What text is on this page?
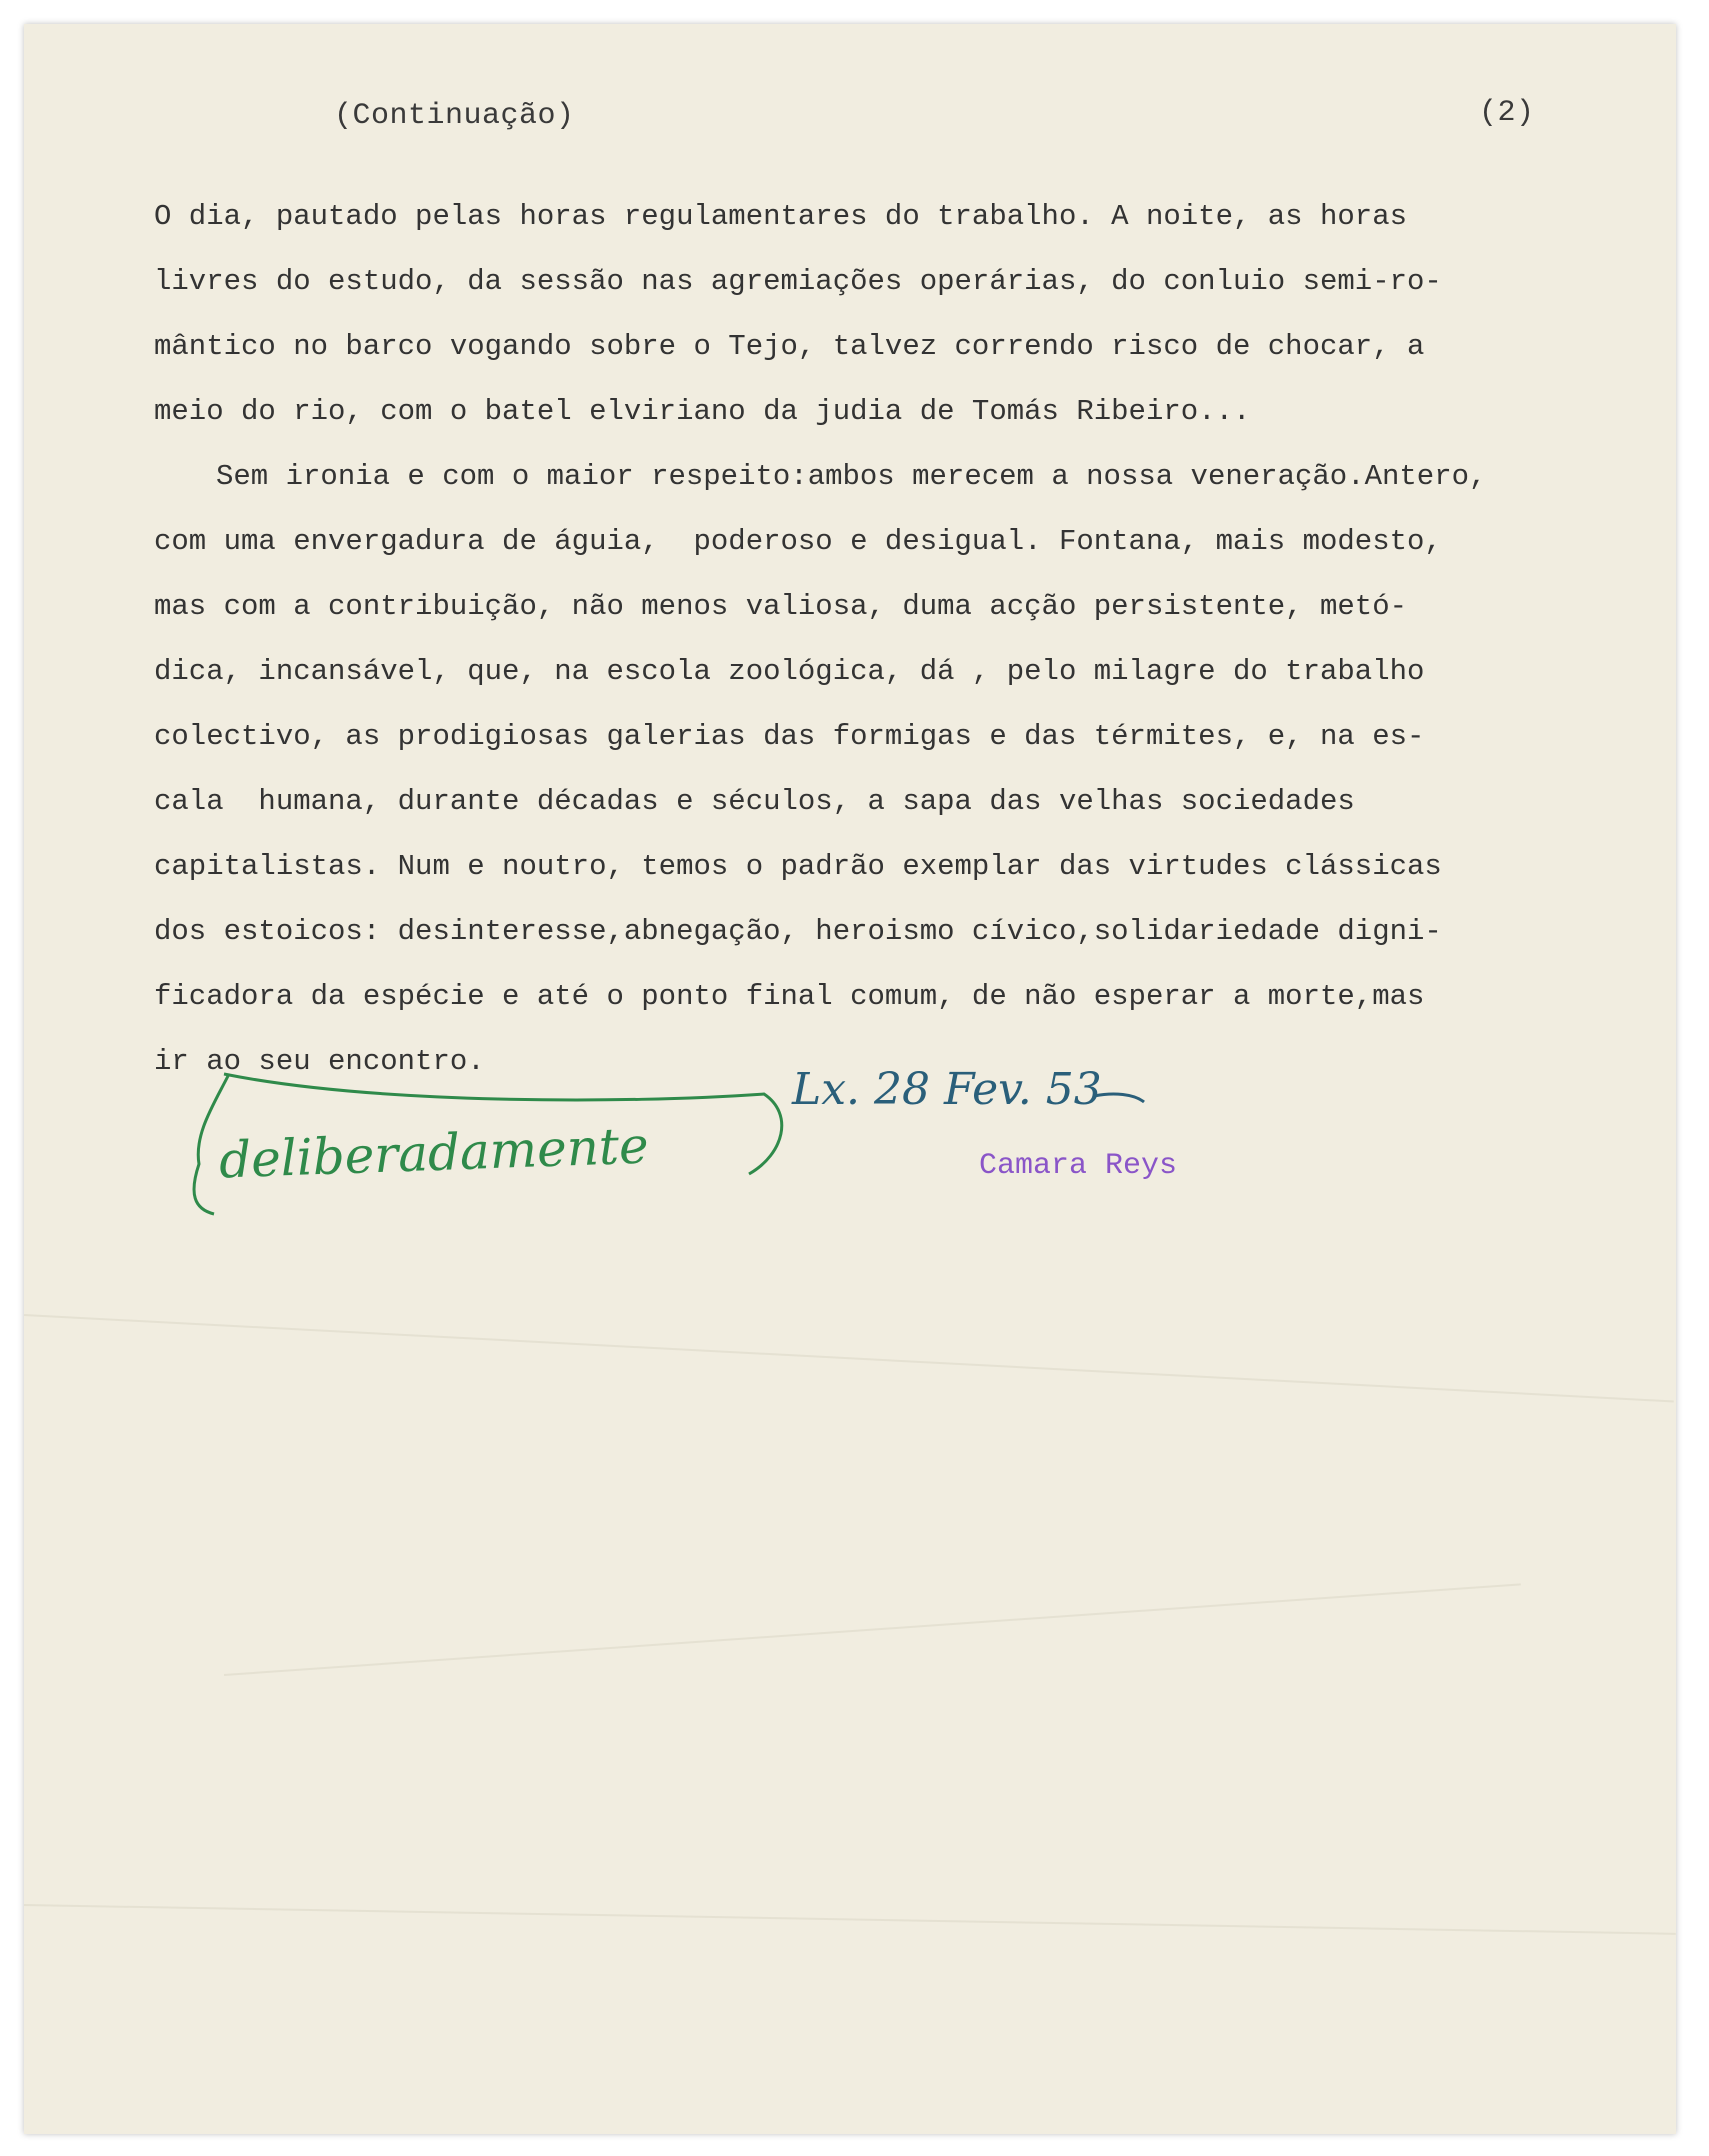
(Continuação)	(2)
O dia, pautado pelas horas regulamentares do trabalho. A noite, as horas
livres do estudo, da sessão nas agremiações operárias, do conluio semi-ro-
mântico no barco vogando sobre o Tejo, talvez correndo risco de chocar, a
meio do rio, com o batel elviriano da judia de Tomás Ribeiro...
Sem ironia e com o maior respeito:ambos merecem a nossa veneração.Antero,
com uma envergadura de águia,  poderoso e desigual. Fontana, mais modesto,
mas com a contribuição, não menos valiosa, duma acção persistente, metó-
dica, incansável, que, na escola zoológica, dá , pelo milagre do trabalho
colectivo, as prodigiosas galerias das formigas e das térmites, e, na es-
cala  humana, durante décadas e séculos, a sapa das velhas sociedades
capitalistas. Num e noutro, temos o padrão exemplar das virtudes clássicas
dos estoicos: desinteresse,abnegação, heroismo cívico,solidariedade digni-
ficadora da espécie e até o ponto final comum, de não esperar a morte,mas
ir ao seu encontro.
deliberadamente
Lx. 28 Fev. 53
Camara Reys
